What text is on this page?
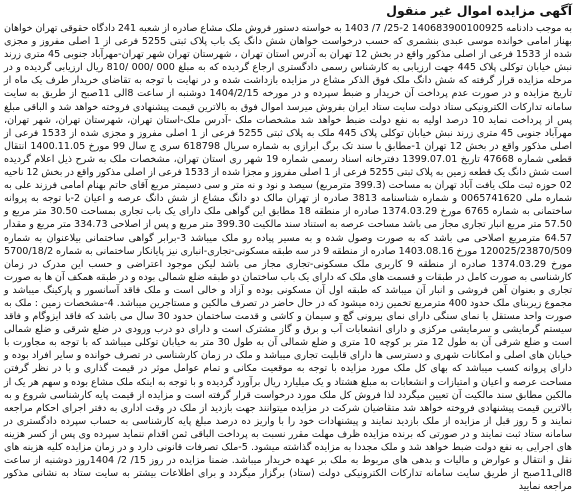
آگهی مزایده اموال غیر منقول

به موجب دادنامه 140683900100925 2-25/ 7/ 1403 به خواسته دستور فروش ملک مشاع صادره از شعبه 241 دادگاه حقوقی تهران خواهان بهناز امامی خوانده موسی عبدی بنشمری که حسب درخواست خواهان شش دانگ یک باب پلاک ثبتی 5255 فرعی از 1 اصلی مفروز و مجزی شده از 1533 فرعی از اصلی مذکور واقع در بخش 12 تهران به آدرس استان تهران ، شهرستان تهران شهر تهران-مهرآباد جنوبی 45 متری زرند نبش خیابان توکلی پلاک 445 جهت ارزیابی به کارشناس رسمی دادگستری ارجاع گردیده که به مبلغ 000 /000 /810 ریال ارزیابی گردیده و در مرحله مزایده قرار گرفته که شش دانگ ملک فوق الذکر مشاع در مزایده بازداشت شده و در نهایت با توجه به تقاضای خریدار طرف یک ماه از تاریخ مزایده و در صورت عدم پرداخت آن خریدار و ضبط سپرده و در مورخه 1404/2/15 دوشنبه از ساعت 8الی 11صبح از طریق به سایت سامانه تدارکات الکترونیکی ستاد دولت سایت ستاد ایران بفروش میرسد اموال فوق به بالاترین قیمت پیشنهادی فروخته خواهد شد و الباقی مبلغ پس از پرداخت نماید 10 درصد اولیه به نفع دولت ضبط خواهد شد مشخصات ملک -آدرس ملک-استان تهران، شهرستان تهران، شهر تهران، مهرآباد جنوبی 45 متری زرند نبش خیابان توکلی پلاک 445 ملک به پلاک ثبتی 5255 فرعی از 1 اصلی مفروز و مجزی شده از 1533 فرعی از اصلی مذکور واقع در بخش 12 تهران 1-مطابق با سند تک برگ ابرازی به شماره سریال 618798 سری ج سال 99 مورخ 1400.11.05 انتقال قطعی شماره 47668 تاریخ 1399.07.01 دفترخانه اسناد رسمی شماره 19 شهر ری استان تهران، مشخصات ملک به شرح ذیل اعلام گردیده است شش دانگ یک قطعه زمین به پلاک ثبتی 5255 فرعی از 1 اصلی مفروز و مجزا شده از 1533 فرعی از اصلی مذکور واقع در بخش 12 ناحیه 02 حوزه ثبت ملک یافت آباد تهران به مساحت (399.3 مترمربع) سیصد و نود و نه متر و سی دسیمتر مربع آقای حاتم بهنام امامی فرزند علی به شماره ملی 0065741620 و شماره شناسنامه 3813 صادره از تهران مالک دو دانگ مشاع از شش دانگ عرصه و اعیان 2-با توجه به پروانه ساختمانی به شماره 6765 مورخ 1374.03.29 صادره از منطقه 18 مطابق این گواهی ملک دارای یک باب تجاری بمساحت 30.50 متر مربع و 57.50 متر مربع انبار تجاری مجاز می باشد مساحت عرصه به استناد سند مالکیت 399.30 متر مربع و پس از اصلاحی 334.73 متر مربع و مقدار 64.57 مترمربع اصلاحی می باشد که به صورت وصول شده و به مسیر پیاده رو ملک میباشد 3-برابر گواهی ساختمانی بیلاعنوان به شماره 120025/23870/509 مورخ 1403.08.16 صادره از منطقه 9 در سه طبقه مسکونی-تجاری-انباری نیز پایانکار ساختمانی به شماره 5700/18/2 مورخ 1374.03.29 صادره از منطقه 9 کاربری ملک مسکونی-تجاری مجاز می باشد لیکن موجود اعتراضی و حسب این مدرک در زمان کارشناسی به صورت کامل در طبقات و قسمت های ملک که دارای یک باب ساختمان دو طبقه ضلع شمالی بوده و در طبقه همکف آن ها به صورت تجاری و بعنوان آهن فروشی و انبار آن میباشد که طبقه اول آن مسکونی بوده و آزاد و خالی است و ملک فاقد آسانسور و پارکینگ میباشد و مجموع زیربنای ملک حدود 400 مترمربع تخمین زده میشود که در حال حاضر در تصرف مالکین و مستاجرین میباشد. 4-مشخصات زمین : ملک به صورت واحد مستقل با نمای سنگی دارای نمای بیرونی گچ و سیمان و کاشی و قدمت ساختمان حدود 30 سال می باشد که فاقد ایزوگام و فاقد سیستم گرمایشی و سرمایشی مرکزی و دارای انشعابات آب و برق و گاز مشترک است و دارای دو درب ورودی در ضلع شرقی و ضلع شمالی است و ضلع شرقی آن به طول 12 متر بر کوچه 10 متری و ضلع شمالی آن به طول 30 متر به خیابان توکلی میباشد که با توجه به مجاورت با خیابان های اصلی و امکانات شهری و دسترسی ها دارای قابلیت تجاری میباشد و ملک در زمان کارشناسی در تصرف خوانده و سایر افراد بوده و دارای پروانه کسب میباشد که بهای کل ملک مورد مزایده با توجه به موقعیت مکانی و تمام عوامل موثر در قیمت گذاری و با در نظر گرفتن مساحت عرصه و اعیان و امتیازات و انشعابات به مبلغ هشتاد و یک میلیارد ریال برآورد گردیده و با توجه به اینکه ملک مشاع بوده و سهم هر یک از مالکین مطابق سند مالکیت آن تعیین میگردد لذا فروش کل ملک مورد درخواست قرار گرفته است و مزایده از قیمت پایه کارشناسی شروع و به بالاترین قیمت پیشنهادی فروخته خواهد شد متقاضیان شرکت در مزایده میتوانند جهت بازدید از ملک در وقت اداری به دفتر اجرای احکام مراجعه نمایند و 5 روز قبل از مزایده از ملک بازدید نمایند و پیشنهادات خود را با واریز ده درصد مبلغ پایه کارشناسی به حساب سپرده دادگستری در سامانه ستاد ثبت نمایند و در صورتی که برنده مزایده ظرف مهلت مقرر نسبت به پرداخت الباقی ثمن اقدام ننماید سپرده وی پس از کسر هزینه های اجرایی به نفع دولت ضبط خواهد شد و ملک مجددا به مزایده گذاشته میشود. 5-ملک تصرفات قانونی دارد و در زمان مزایده کلیه هزینه های نقل و انتقال و عوارض و مالیات و بدهی های مربوط به ملک بر عهده خریدار میباشد. ضمنا مزایده در روز 15/ 2/ 1404روز دوشنبه از ساعت 8الی11صبح از طریق سایت سامانه تدارکات الکترونیکی دولت (ستاد) برگزار میگردد و برای اطلاعات بیشتر به سایت ستاد به نشانی مذکور مراجعه نمایید
